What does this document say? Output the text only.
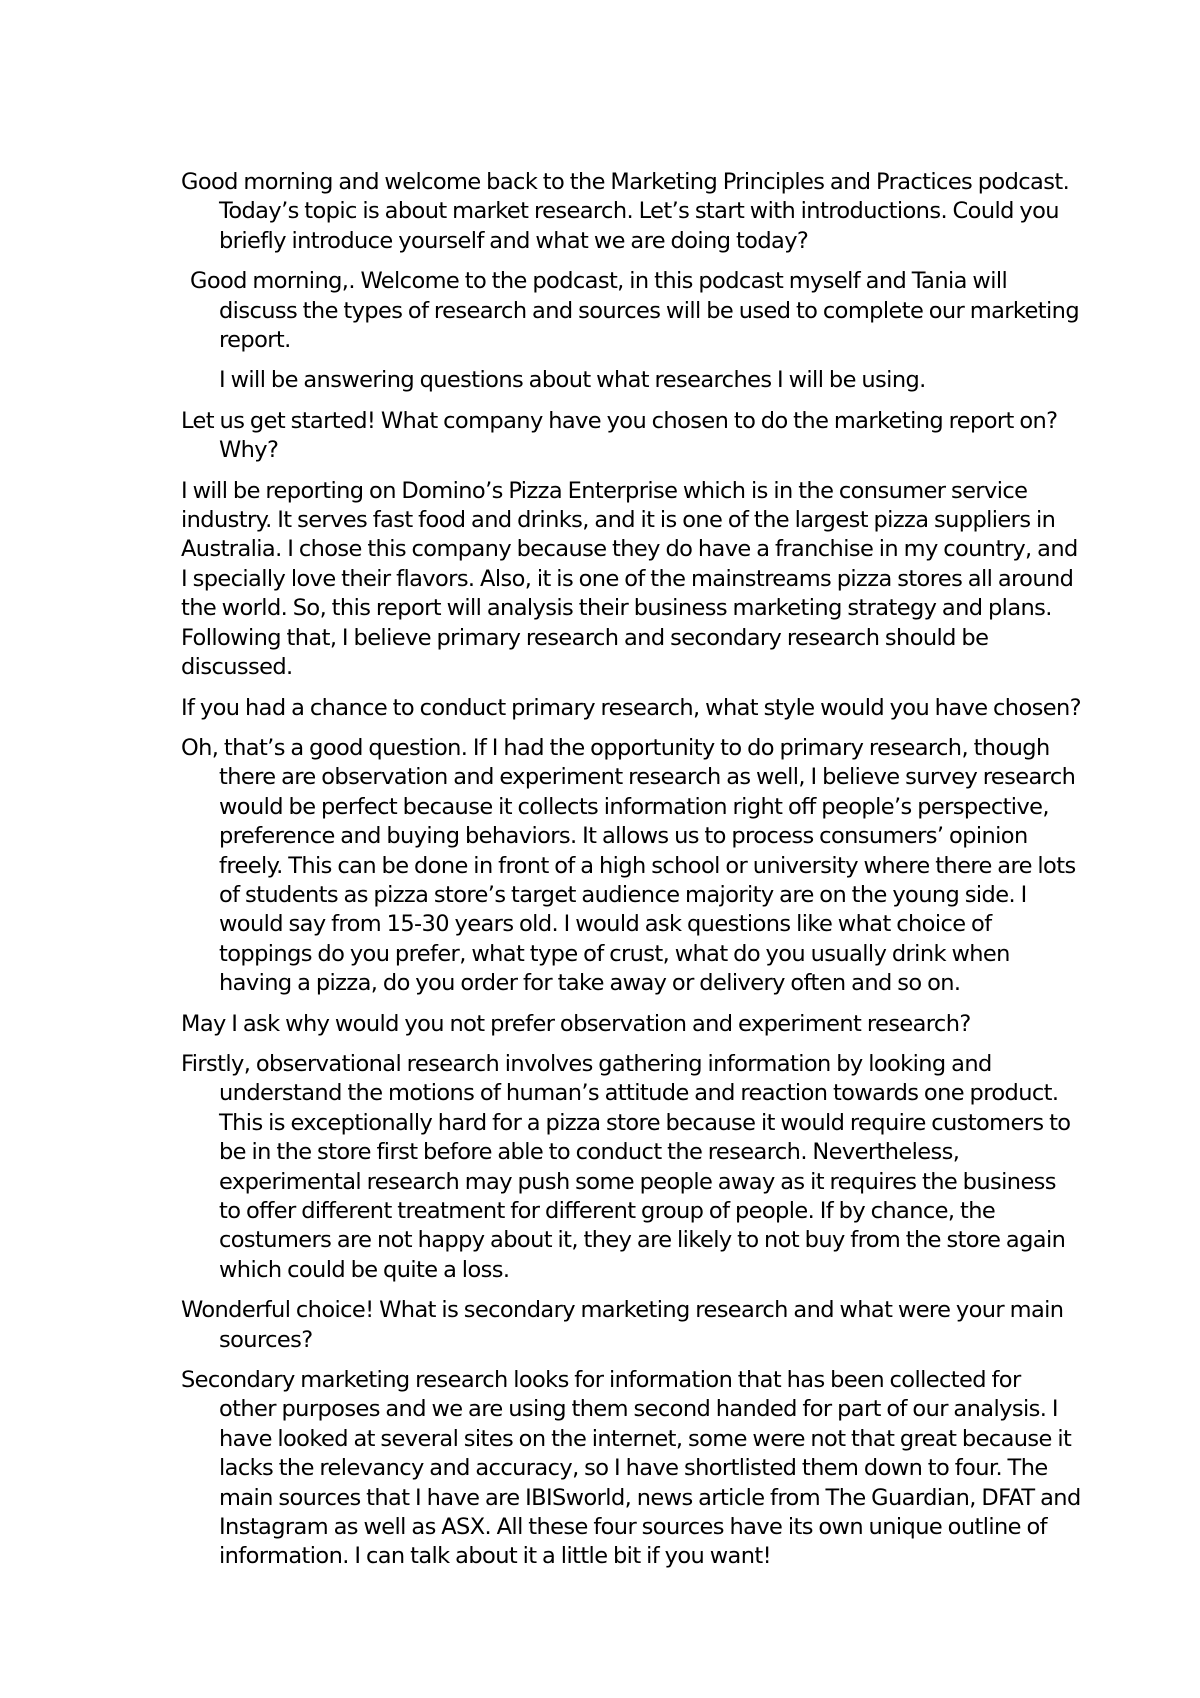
Good morning and welcome back to the Marketing Principles and Practices podcast. Today’s topic is about market research. Let’s start with introductions. Could you briefly introduce yourself and what we are doing today?

Good morning,. Welcome to the podcast, in this podcast myself and Tania will discuss the types of research and sources will be used to complete our marketing report.

I will be answering questions about what researches I will be using.

Let us get started! What company have you chosen to do the marketing report on? Why?

I will be reporting on Domino’s Pizza Enterprise which is in the consumer service industry. It serves fast food and drinks, and it is one of the largest pizza suppliers in Australia. I chose this company because they do have a franchise in my country, and I specially love their flavors. Also, it is one of the mainstreams pizza stores all around the world. So, this report will analysis their business marketing strategy and plans. Following that, I believe primary research and secondary research should be discussed.

If you had a chance to conduct primary research, what style would you have chosen?

Oh, that’s a good question. If I had the opportunity to do primary research, though there are observation and experiment research as well, I believe survey research would be perfect because it collects information right off people’s perspective, preference and buying behaviors. It allows us to process consumers’ opinion freely. This can be done in front of a high school or university where there are lots of students as pizza store’s target audience majority are on the young side. I would say from 15-30 years old. I would ask questions like what choice of toppings do you prefer, what type of crust, what do you usually drink when having a pizza, do you order for take away or delivery often and so on.

May I ask why would you not prefer observation and experiment research?

Firstly, observational research involves gathering information by looking and understand the motions of human’s attitude and reaction towards one product. This is exceptionally hard for a pizza store because it would require customers to be in the store first before able to conduct the research. Nevertheless, experimental research may push some people away as it requires the business to offer different treatment for different group of people. If by chance, the costumers are not happy about it, they are likely to not buy from the store again which could be quite a loss.

Wonderful choice! What is secondary marketing research and what were your main sources?

Secondary marketing research looks for information that has been collected for other purposes and we are using them second handed for part of our analysis. I have looked at several sites on the internet, some were not that great because it lacks the relevancy and accuracy, so I have shortlisted them down to four. The main sources that I have are IBISworld, news article from The Guardian, DFAT and Instagram as well as ASX. All these four sources have its own unique outline of information. I can talk about it a little bit if you want!
